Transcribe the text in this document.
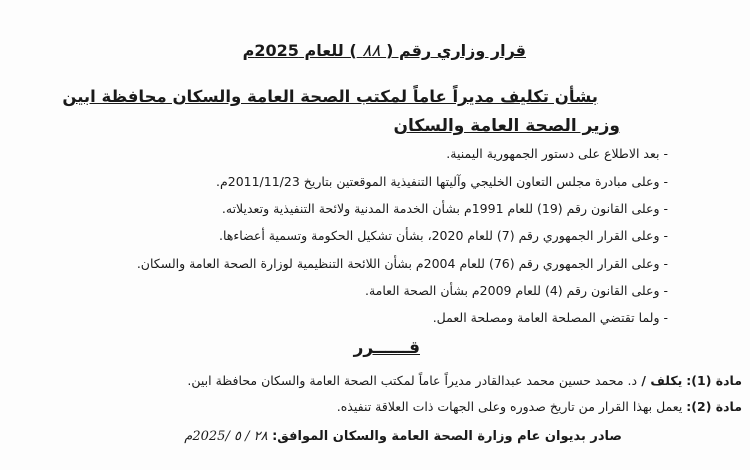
قرار وزاري رقم ( ٨٨ ) للعام 2025م
بشأن تكليف مديراً عاماً لمكتب الصحة العامة والسكان محافظة ابين
وزير الصحة العامة والسكان
- بعد الاطلاع على دستور الجمهورية اليمنية.
- وعلى مبادرة مجلس التعاون الخليجي وآليتها التنفيذية الموقعتين بتاريخ 2011/11/23م.
- وعلى القانون رقم (19) للعام 1991م بشأن الخدمة المدنية ولائحة التنفيذية وتعديلاته.
- وعلى القرار الجمهوري رقم (7) للعام 2020، بشأن تشكيل الحكومة وتسمية أعضاءها.
- وعلى القرار الجمهوري رقم (76) للعام 2004م بشأن اللائحة التنظيمية لوزارة الصحة العامة والسكان.
- وعلى القانون رقم (4) للعام 2009م بشأن الصحة العامة.
- ولما تقتضي المصلحة العامة ومصلحة العمل.
قــــــرر
مادة (1): يكلف / د. محمد حسين محمد عبدالقادر مديراً عاماً لمكتب الصحة العامة والسكان محافظة ابين.
مادة (2): يعمل بهذا القرار من تاريخ صدوره وعلى الجهات ذات العلاقة تنفيذه.
صادر بديوان عام وزارة الصحة العامة والسكان الموافق: ٢٨ / ٥ /2025م
